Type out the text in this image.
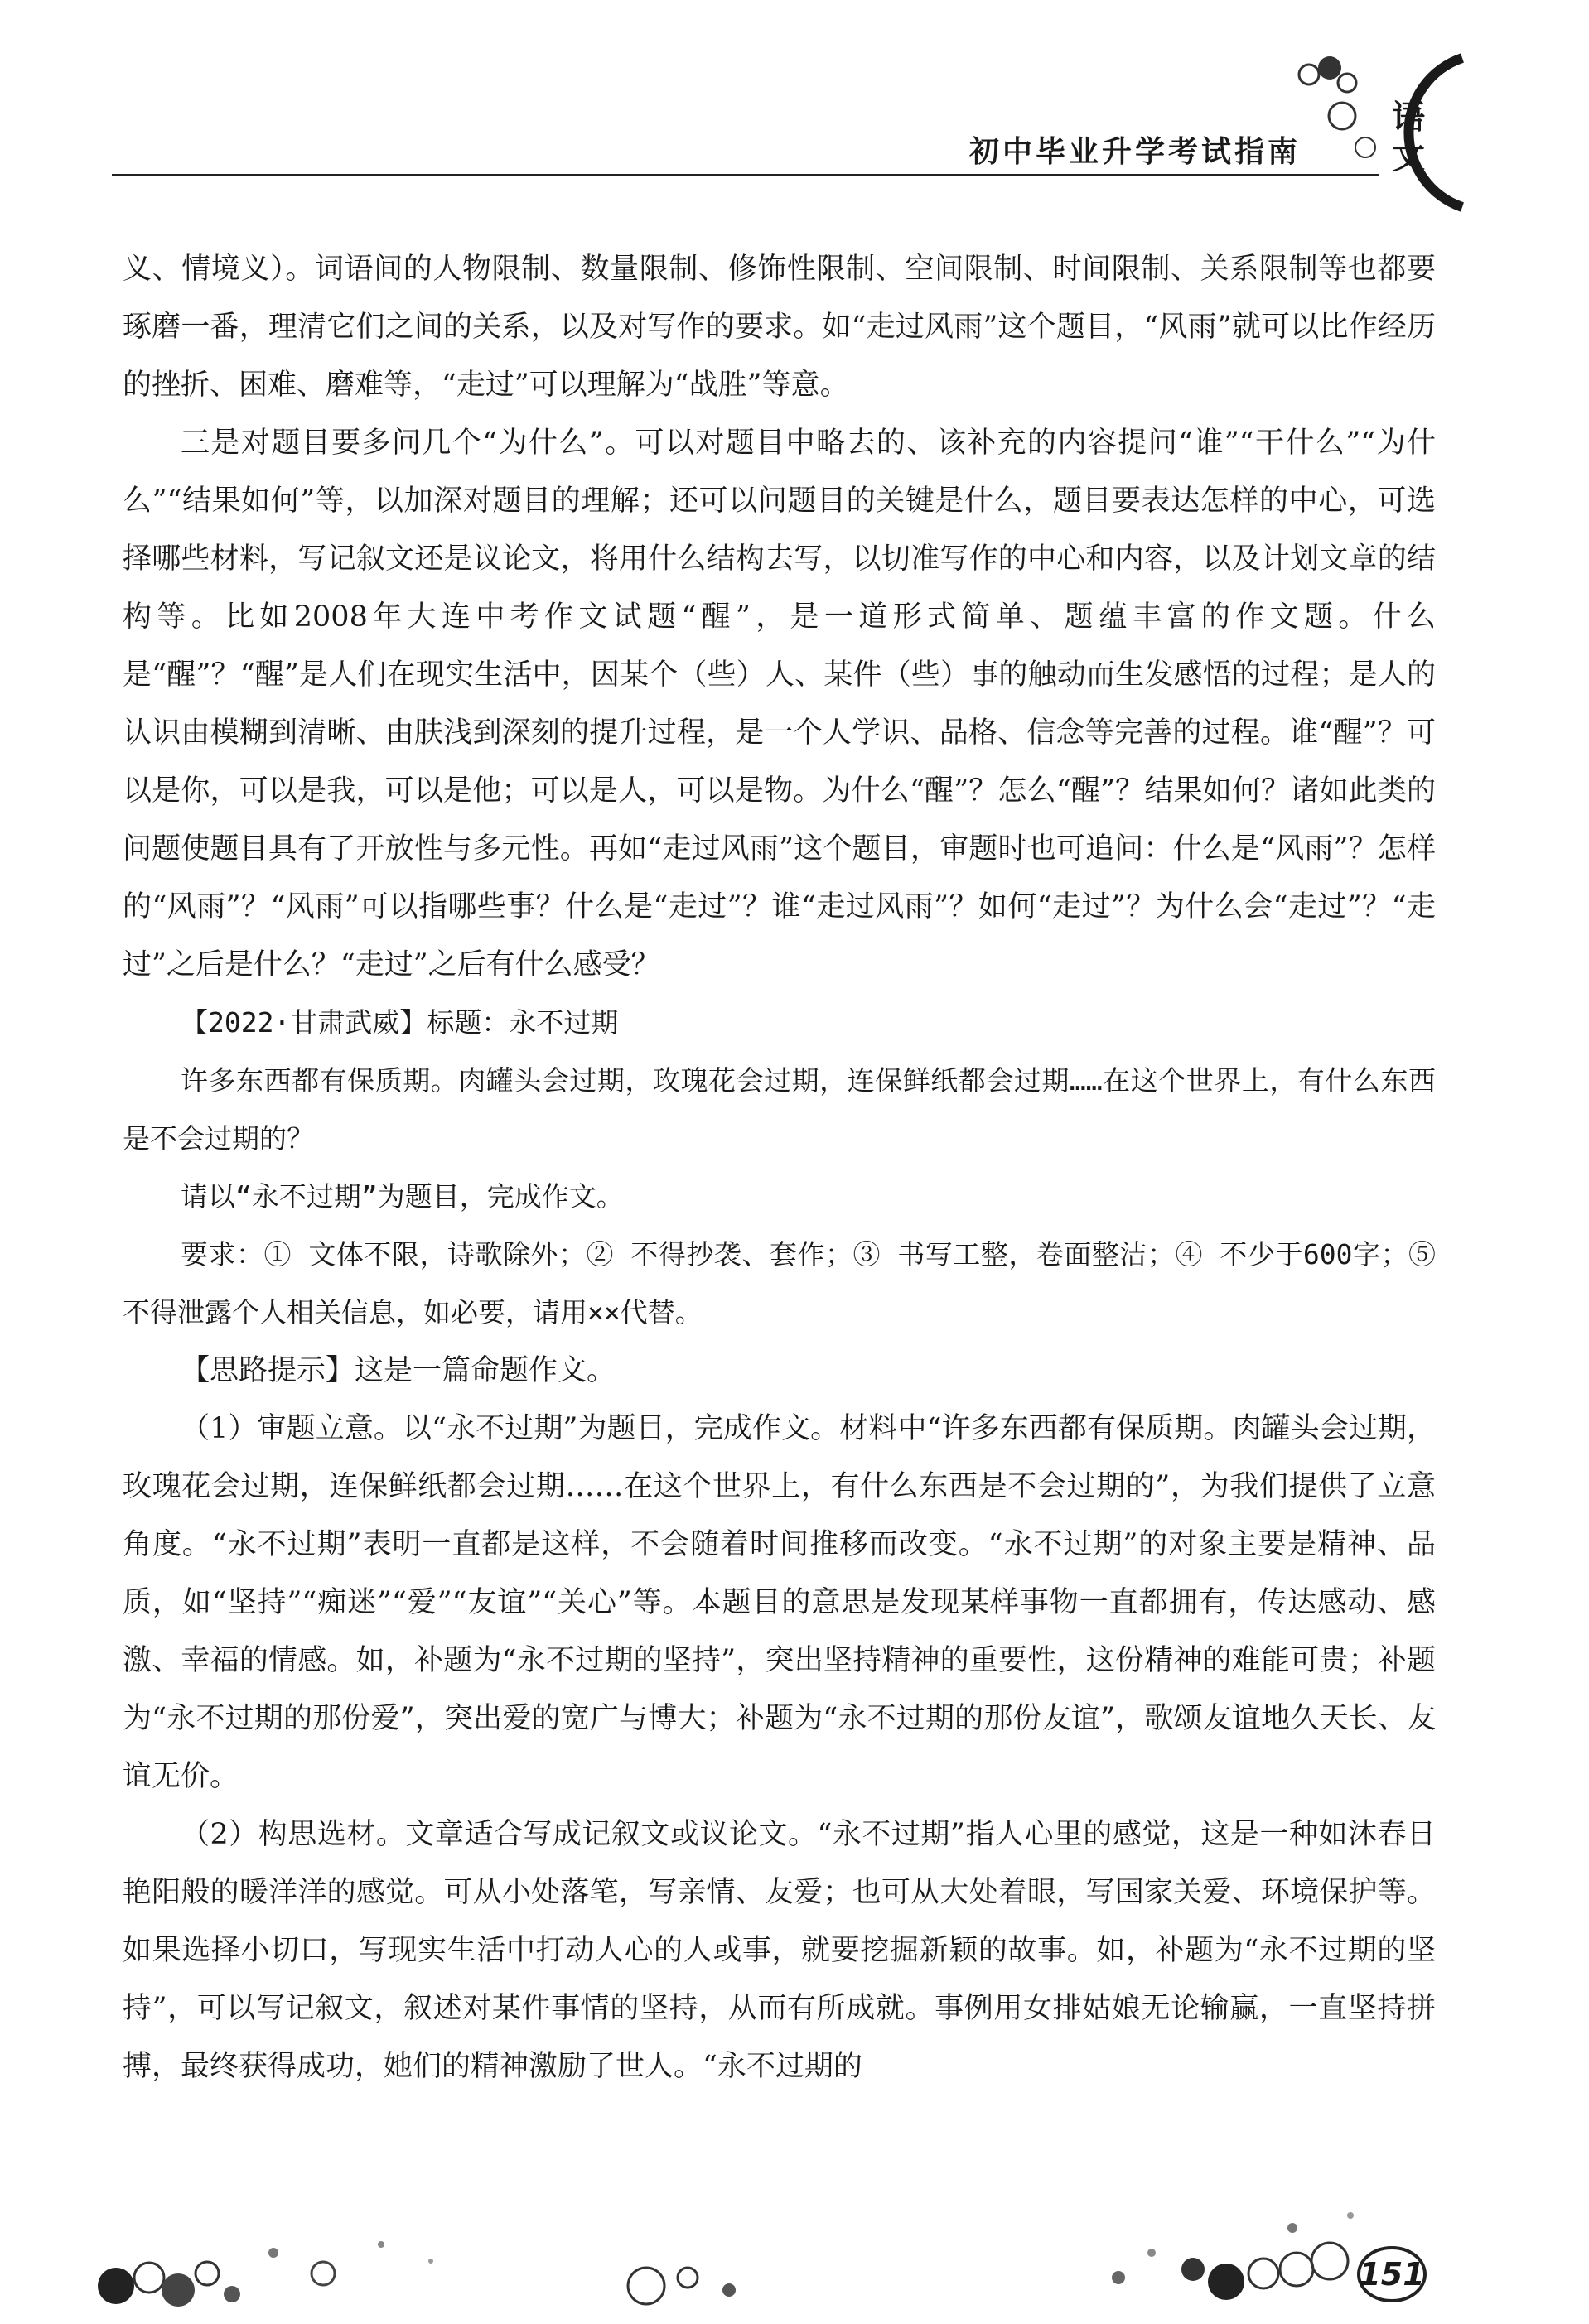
语文
初中毕业升学考试指南

义、情境义）。词语间的人物限制、数量限制、修饰性限制、空间限制、时间限制、关系限制等也都要琢磨一番，理清它们之间的关系，以及对写作的要求。如“走过风雨”这个题目，“风雨”就可以比作经历的挫折、困难、磨难等，“走过”可以理解为“战胜”等意。

三是对题目要多问几个“为什么”。可以对题目中略去的、该补充的内容提问“谁”“干什么”“为什么”“结果如何”等，以加深对题目的理解；还可以问题目的关键是什么，题目要表达怎样的中心，可选择哪些材料，写记叙文还是议论文，将用什么结构去写，以切准写作的中心和内容，以及计划文章的结构等。比如2008年大连中考作文试题“醒”，是一道形式简单、题蕴丰富的作文题。什么是“醒”？“醒”是人们在现实生活中，因某个（些）人、某件（些）事的触动而生发感悟的过程；是人的认识由模糊到清晰、由肤浅到深刻的提升过程，是一个人学识、品格、信念等完善的过程。谁“醒”？可以是你，可以是我，可以是他；可以是人，可以是物。为什么“醒”？怎么“醒”？结果如何？诸如此类的问题使题目具有了开放性与多元性。再如“走过风雨”这个题目，审题时也可追问：什么是“风雨”？怎样的“风雨”？“风雨”可以指哪些事？什么是“走过”？谁“走过风雨”？如何“走过”？为什么会“走过”？“走过”之后是什么？“走过”之后有什么感受？

【2022·甘肃武威】标题：永不过期

许多东西都有保质期。肉罐头会过期，玫瑰花会过期，连保鲜纸都会过期……在这个世界上，有什么东西是不会过期的？

请以“永不过期”为题目，完成作文。

要求：① 文体不限，诗歌除外；② 不得抄袭、套作；③ 书写工整，卷面整洁；④ 不少于600字；⑤ 不得泄露个人相关信息，如必要，请用××代替。

【思路提示】这是一篇命题作文。

（1）审题立意。以“永不过期”为题目，完成作文。材料中“许多东西都有保质期。肉罐头会过期，玫瑰花会过期，连保鲜纸都会过期……在这个世界上，有什么东西是不会过期的”，为我们提供了立意角度。“永不过期”表明一直都是这样，不会随着时间推移而改变。“永不过期”的对象主要是精神、品质，如“坚持”“痴迷”“爱”“友谊”“关心”等。本题目的意思是发现某样事物一直都拥有，传达感动、感激、幸福的情感。如，补题为“永不过期的坚持”，突出坚持精神的重要性，这份精神的难能可贵；补题为“永不过期的那份爱”，突出爱的宽广与博大；补题为“永不过期的那份友谊”，歌颂友谊地久天长、友谊无价。

（2）构思选材。文章适合写成记叙文或议论文。“永不过期”指人心里的感觉，这是一种如沐春日艳阳般的暖洋洋的感觉。可从小处落笔，写亲情、友爱；也可从大处着眼，写国家关爱、环境保护等。如果选择小切口，写现实生活中打动人心的人或事，就要挖掘新颖的故事。如，补题为“永不过期的坚持”，可以写记叙文，叙述对某件事情的坚持，从而有所成就。事例用女排姑娘无论输赢，一直坚持拼搏，最终获得成功，她们的精神激励了世人。“永不过期的

151
